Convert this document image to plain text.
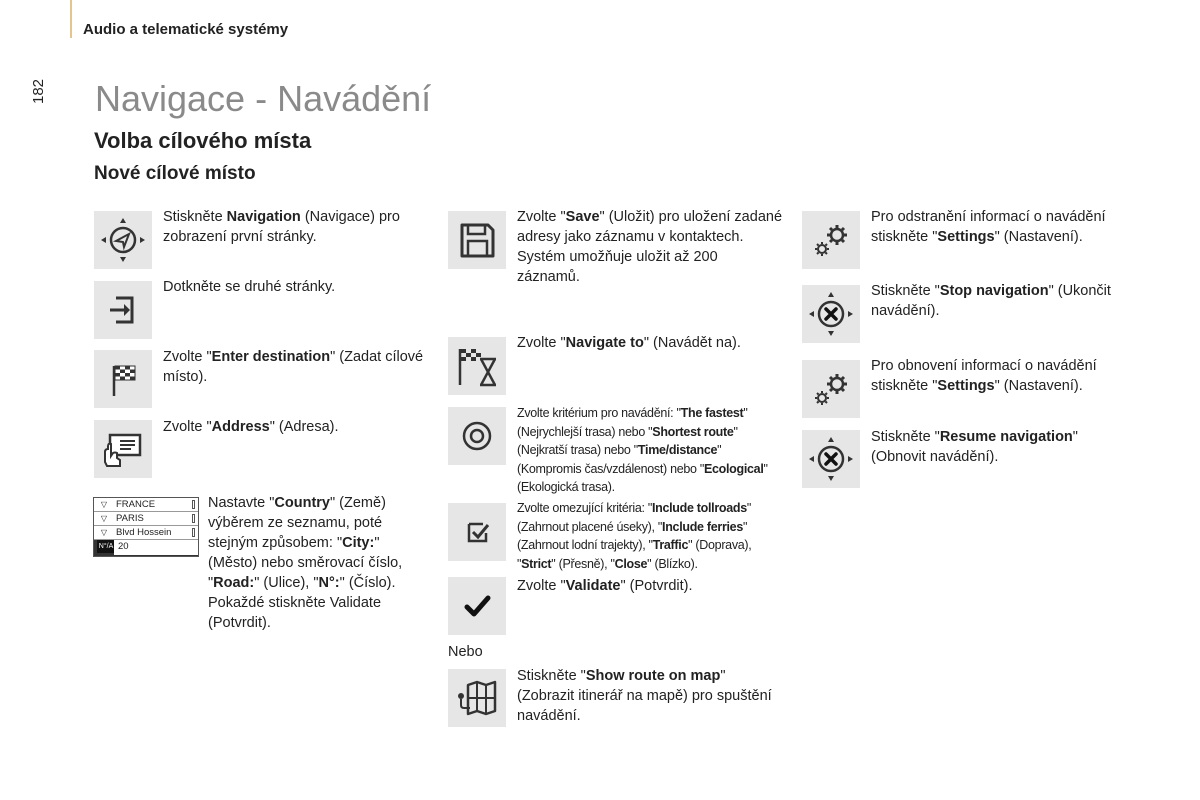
Audio a telematické systémy
182 Navigace - Navádění
Volba cílového místa
Nové cílové místo
Stiskněte Navigation (Navigace) pro zobrazení první stránky.
Dotkněte se druhé stránky.
Zvolte "Enter destination" (Zadat cílové místo).
Zvolte "Address" (Adresa).
▽ FRANCE
▽ PARIS
▽ Blvd Hossein
N°/A 20
Nastavte "Country" (Země) výběrem ze seznamu, poté stejným způsobem: "City:" (Město) nebo směrovací číslo, "Road:" (Ulice), "N°:" (Číslo). Pokaždé stiskněte Validate (Potvrdit).
Zvolte "Save" (Uložit) pro uložení zadané adresy jako záznamu v kontaktech.
Systém umožňuje uložit až 200 záznamů.
Zvolte "Navigate to" (Navádět na).
Zvolte kritérium pro navádění: "The fastest" (Nejrychlejší trasa) nebo "Shortest route" (Nejkratší trasa) nebo "Time/distance" (Kompromis čas/vzdálenost) nebo "Ecological" (Ekologická trasa).
Zvolte omezující kritéria: "Include tollroads" (Zahrnout placené úseky), "Include ferries" (Zahrnout lodní trajekty), "Traffic" (Doprava), "Strict" (Přesně), "Close" (Blízko).
Zvolte "Validate" (Potvrdit).
Nebo
Stiskněte "Show route on map" (Zobrazit itinerář na mapě) pro spuštění navádění.
Pro odstranění informací o navádění stiskněte "Settings" (Nastavení).
Stiskněte "Stop navigation" (Ukončit navádění).
Pro obnovení informací o navádění stiskněte "Settings" (Nastavení).
Stiskněte "Resume navigation" (Obnovit navádění).
